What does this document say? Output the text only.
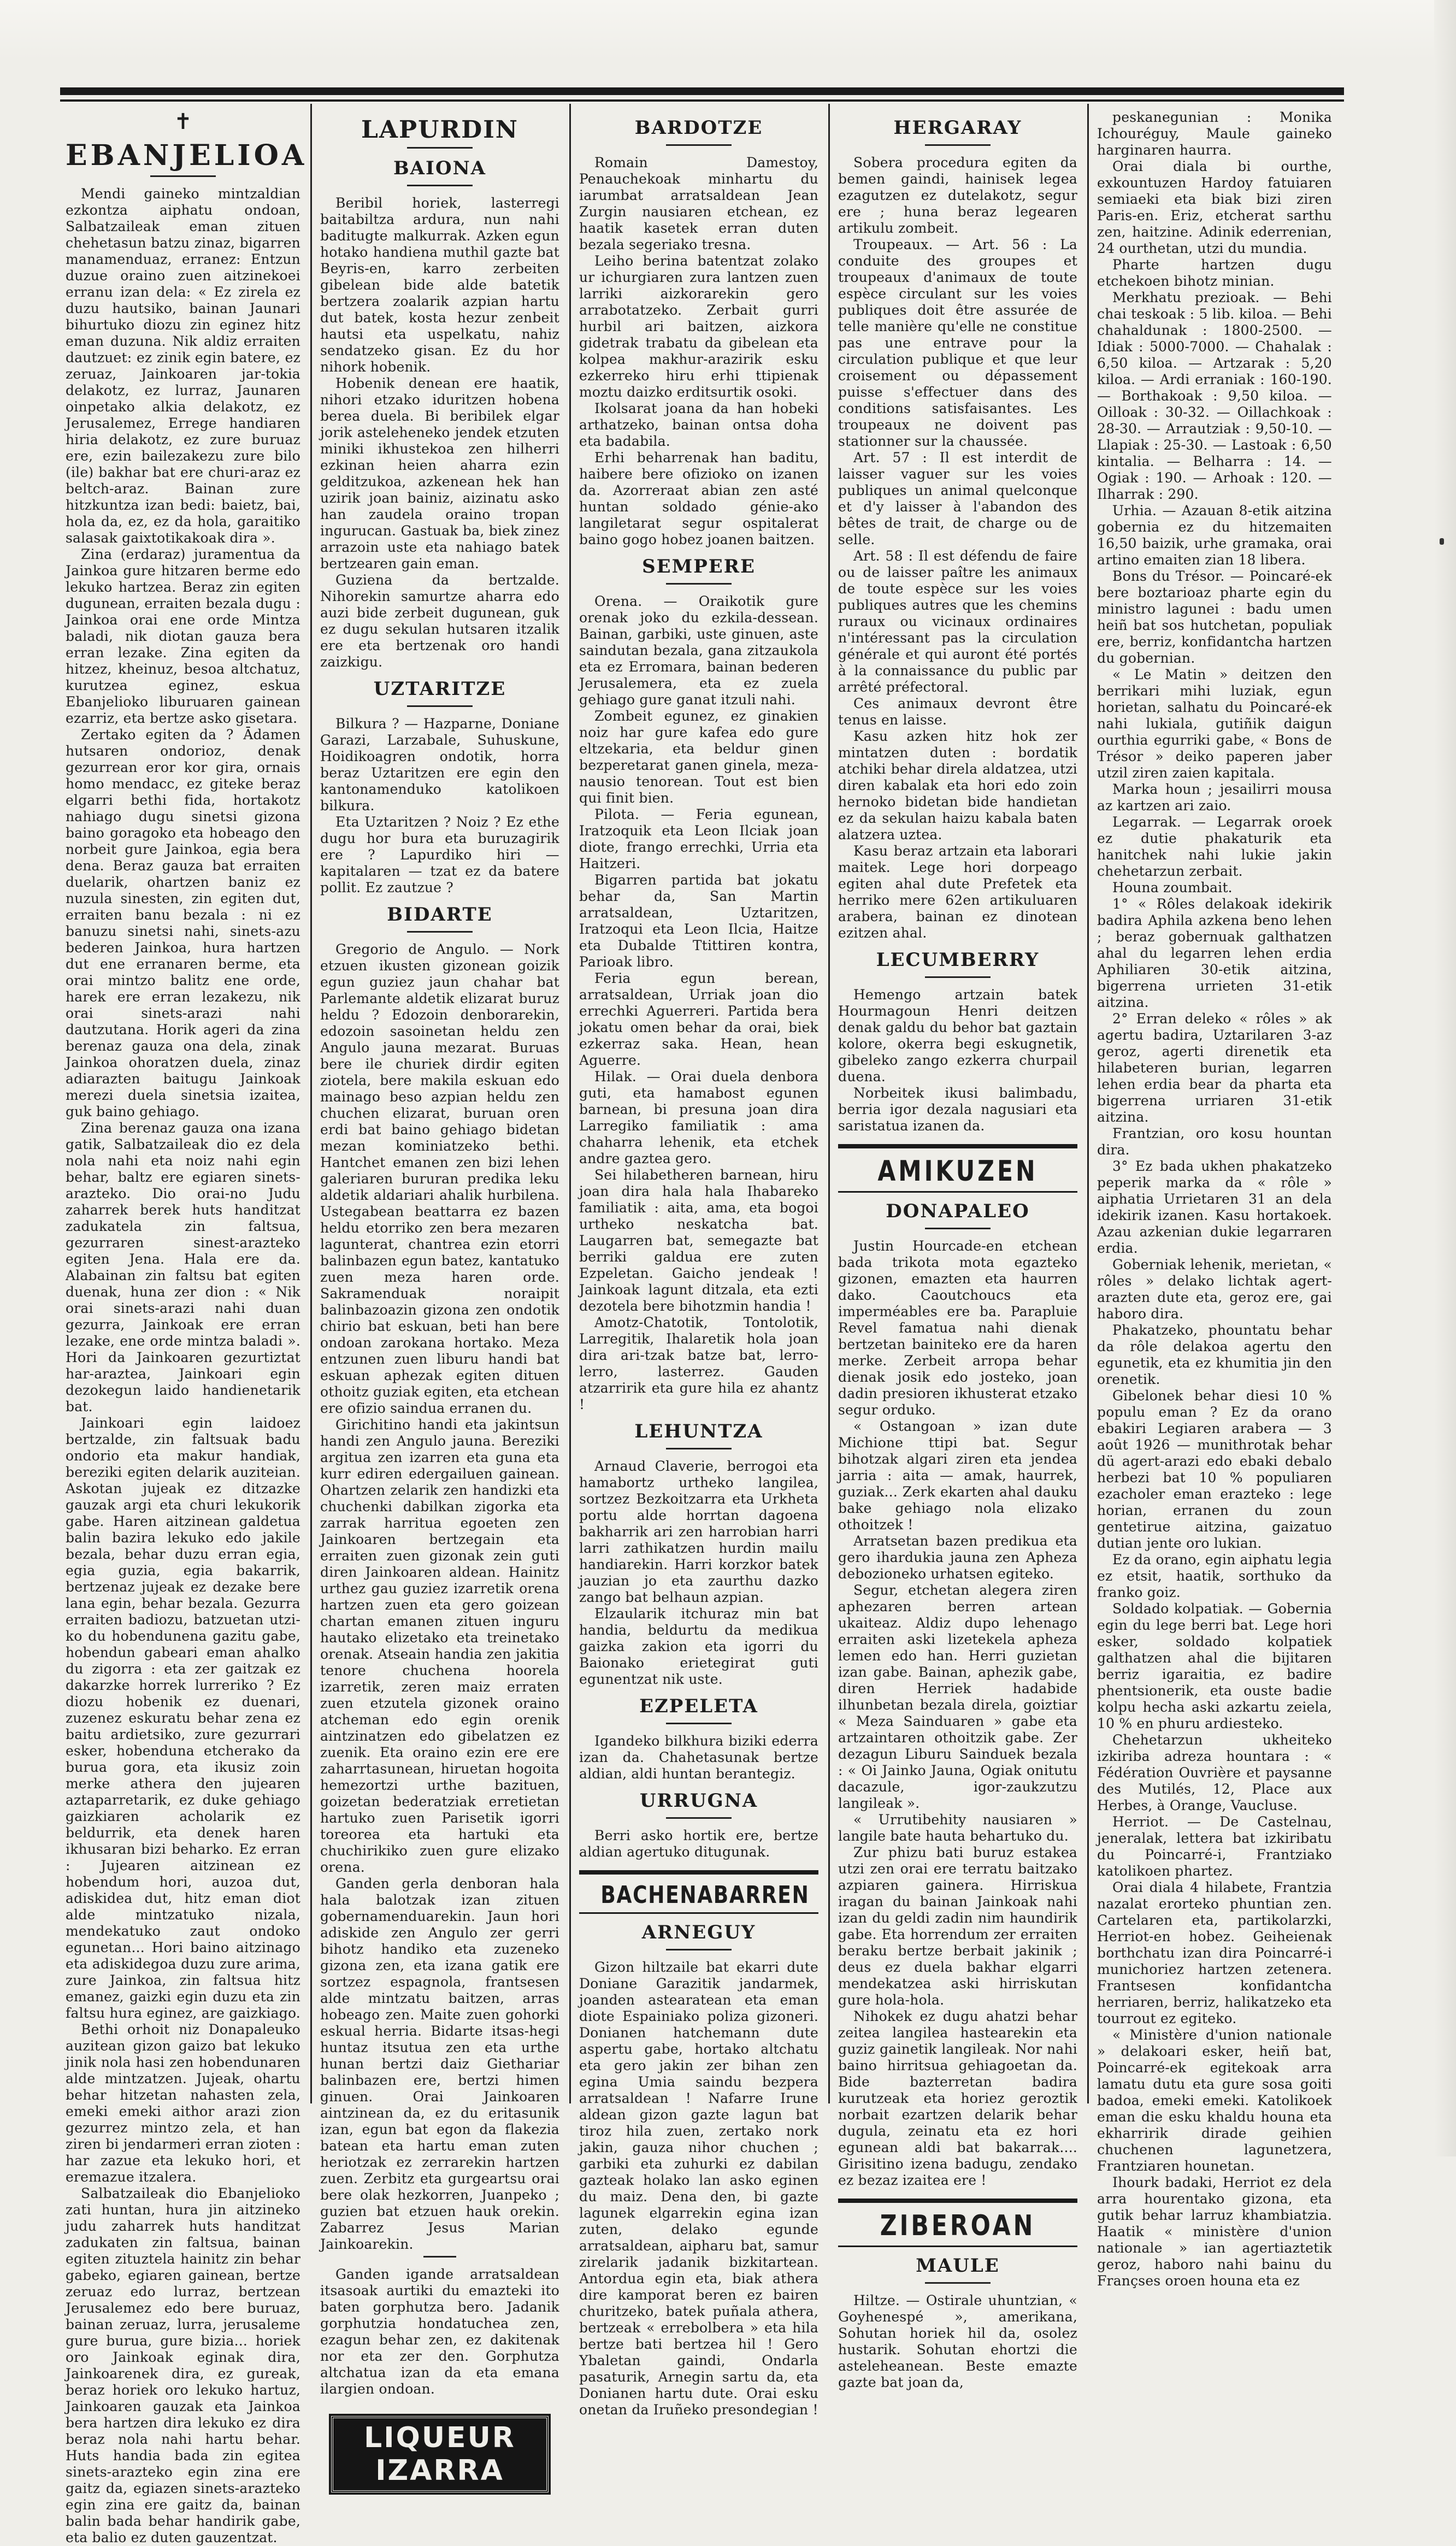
✝
EBANJELIOA

Mendi gaineko mintzaldian ezkontza aiphatu ondoan, Salbatzaileak eman zituen chehetasun batzu zinaz, bigarren manamenduaz, erranez: Entzun duzue oraino zuen aitzinekoei erranu izan dela: « Ez zirela ez duzu hautsiko, bainan Jaunari bihurtuko diozu zin eginez hitz eman duzuna. Nik aldiz erraiten dautzuet: ez zinik egin batere, ez zeruaz, Jainkoaren jar-tokia delakotz, ez lurraz, Jaunaren oinpetako alkia delakotz, ez Jerusalemez, Errege handiaren hiria delakotz, ez zure buruaz ere, ezin bailezakezu zure bilo (ile) bakhar bat ere churi-araz ez beltch-araz. Bainan zure hitzkuntza izan bedi: baietz, bai, hola da, ez, ez da hola, garaitiko salasak gaixtotikakoak dira ».

Zina (erdaraz) juramentua da Jainkoa gure hitzaren berme edo lekuko hartzea. Beraz zin egiten dugunean, erraiten bezala dugu : Jainkoa orai ene orde Mintza baladi, nik diotan gauza bera erran lezake. Zina egiten da hitzez, kheinuz, besoa altchatuz, kurutzea eginez, eskua Ebanjelioko liburuaren gainean ezarriz, eta bertze asko gisetara.

Zertako egiten da ? Ādamen hutsaren ondorioz, denak gezurrean eror kor gira, ornais homo mendacc, ez giteke beraz elgarri bethi fida, hortakotz nahiago dugu sinetsi gizona baino goragoko eta hobeago den norbeit gure Jainkoa, egia bera dena. Beraz gauza bat erraiten duelarik, ohartzen baniz ez nuzula sinesten, zin egiten dut, erraiten banu bezala : ni ez banuzu sinetsi nahi, sinets-azu bederen Jainkoa, hura hartzen dut ene erranaren berme, eta orai mintzo balitz ene orde, harek ere erran lezakezu, nik orai sinets-arazi nahi dautzutana. Horik ageri da zina berenaz gauza ona dela, zinak Jainkoa ohoratzen duela, zinaz adiarazten baitugu Jainkoak merezi duela sinetsia izaitea, guk baino gehiago.

Zina berenaz gauza ona izana gatik, Salbatzaileak dio ez dela nola nahi eta noiz nahi egin behar, baltz ere egiaren sinets-arazteko. Dio orai-no Judu zaharrek berek huts handitzat zadukatela zin faltsua, gezurraren sinest-arazteko egiten Jena. Hala ere da. Alabainan zin faltsu bat egiten duenak, huna zer dion : « Nik orai sinets-arazi nahi duan gezurra, Jainkoak ere erran lezake, ene orde mintza baladi ». Hori da Jainkoaren gezurtiztat har-araztea, Jainkoari egin dezokegun laido handienetarik bat.

Jainkoari egin laidoez bertzalde, zin faltsuak badu ondorio eta makur handiak, bereziki egiten delarik auziteian. Askotan jujeak ez ditzazke gauzak argi eta churi lekukorik gabe. Haren aitzinean galdetua balin bazira lekuko edo jakile bezala, behar duzu erran egia, egia guzia, egia bakarrik, bertzenaz jujeak ez dezake bere lana egin, behar bezala. Gezurra erraiten badiozu, batzuetan utzi-ko du hobendunena gazitu gabe, hobendun gabeari eman ahalko du zigorra : eta zer gaitzak ez dakarzke horrek lurreriko ? Ez diozu hobenik ez duenari, zuzenez eskuratu behar zena ez baitu ardietsiko, zure gezurrari esker, hobenduna etcherako da burua gora, eta ikusiz zoin merke athera den jujearen aztaparretarik, ez duke gehiago gaizkiaren acholarik ez beldurrik, eta denek haren ikhusaran bizi beharko. Ez erran : Jujearen aitzinean ez hobendum hori, auzoa dut, adiskidea dut, hitz eman diot alde mintzatuko nizala, mendekatuko zaut ondoko egunetan... Hori baino aitzinago eta adiskidegoa duzu zure arima, zure Jainkoa, zin faltsua hitz emanez, gaizki egin duzu eta zin faltsu hura eginez, are gaizkiago.

Bethi orhoit niz Donapaleuko auzitean gizon gaizo bat lekuko jinik nola hasi zen hobendunaren alde mintzatzen. Jujeak, ohartu behar hitzetan nahasten zela, emeki emeki aithor arazi zion gezurrez mintzo zela, et han ziren bi jendarmeri erran zioten : har zazue eta lekuko hori, et eremazue itzalera.

Salbatzaileak dio Ebanjelioko zati huntan, hura jin aitzineko judu zaharrek huts handitzat zadukaten zin faltsua, bainan egiten zituztela hainitz zin behar gabeko, egiaren gainean, bertze zeruaz edo lurraz, bertzean Jerusalemez edo bere buruaz, bainan zeruaz, lurra, jerusaleme gure burua, gure bizia... horiek oro Jainkoak eginak dira, Jainkoarenek dira, ez gureak, beraz horiek oro lekuko hartuz, Jainkoaren gauzak eta Jainkoa bera hartzen dira lekuko ez dira beraz nola nahi hartu behar. Huts handia bada zin egitea sinets-arazteko egin zina ere gaitz da, egiazen sinets-arazteko egin zina ere gaitz da, bainan balin bada behar handirik gabe, eta balio ez duten gauzentzat.

LAPURDIN
BAIONA

Beribil horiek, lasterregi baitabiltza ardura, nun nahi baditugte malkurrak. Azken egun hotako handiena muthil gazte bat Beyris-en, karro zerbeiten gibelean bide alde batetik bertzera zoalarik azpian hartu dut batek, kosta hezur zenbeit hautsi eta uspelkatu, nahiz sendatzeko gisan. Ez du hor nihork hobenik.

Hobenik denean ere haatik, nihori etzako iduritzen hobena berea duela. Bi beribilek elgar jorik asteleheneko jendek etzuten miniki ikhustekoa zen hilherri ezkinan heien aharra ezin gelditzukoa, azkenean hek han uzirik joan bainiz, aizinatu asko han zaudela oraino tropan ingurucan. Gastuak ba, biek zinez arrazoin uste eta nahiago batek bertzearen gain eman.

Guziena da bertzalde. Nihorekin samurtze aharra edo auzi bide zerbeit dugunean, guk ez dugu sekulan hutsaren itzalik ere eta bertzenak oro handi zaizkigu.

UZTARITZE

Bilkura ? — Hazparne, Doniane Garazi, Larzabale, Suhuskune, Hoidikoagren ondotik, horra beraz Uztaritzen ere egin den kantonamenduko katolikoen bilkura.

Eta Uztaritzen ? Noiz ? Ez ethe dugu hor bura eta buruzagirik ere ? Lapurdiko hiri — kapitalaren — tzat ez da batere pollit. Ez zautzue ?

BIDARTE

Gregorio de Angulo. — Nork etzuen ikusten gizonean goizik egun guziez jaun chahar bat Parlemante aldetik elizarat buruz heldu ? Edozoin denborarekin, edozoin sasoinetan heldu zen Angulo jauna mezarat. Buruas bere ile churiek dirdir egiten ziotela, bere makila eskuan edo mainago beso azpian heldu zen chuchen elizarat, buruan oren erdi bat baino gehiago bidetan mezan kominiatzeko bethi. Hantchet emanen zen bizi lehen galeriaren bururan predika leku aldetik aldariari ahalik hurbilena. Ustegabean beattarra ez bazen heldu etorriko zen bera mezaren lagunterat, chantrea ezin etorri balinbazen egun batez, kantatuko zuen meza haren orde. Sakramenduak noraipit balinbazoazin gizona zen ondotik chirio bat eskuan, beti han bere ondoan zarokana hortako. Meza entzunen zuen liburu handi bat eskuan aphezak egiten dituen othoitz guziak egiten, eta etchean ere ofizio saindua erranen du.

Girichitino handi eta jakintsun handi zen Angulo jauna. Bereziki argitua zen izarren eta guna eta kurr ediren edergailuen gainean. Ohartzen zelarik zen handizki eta chuchenki dabilkan zigorka eta zarrak harritua egoeten zen Jainkoaren bertzegain eta erraiten zuen gizonak zein guti diren Jainkoaren aldean. Hainitz urthez gau guziez izarretik orena hartzen zuen eta gero goizean chartan emanen zituen inguru hautako elizetako eta treinetako orenak. Atseain handia zen jakitia tenore chuchena hoorela izarretik, zeren maiz erraten zuen etzutela gizonek oraino atcheman edo egin orenik aintzinatzen edo gibelatzen ez zuenik. Eta oraino ezin ere ere zaharrtasunean, hiruetan hogoita hemezortzi urthe bazituen, goizetan bederatziak erretietan hartuko zuen Parisetik igorri toreorea eta hartuki eta chuchirikiko zuen gure elizako orena.

Ganden gerla denboran hala hala balotzak izan zituen gobernamenduarekin. Jaun hori adiskide zen Angulo zer gerri bihotz handiko eta zuzeneko gizona zen, eta izana gatik ere sortzez espagnola, frantsesen alde mintzatu baitzen, arras hobeago zen. Maite zuen gohorki eskual herria. Bidarte itsas-hegi huntaz itsutua zen eta urthe hunan bertzi daiz Giethariar balinbazen ere, bertzi himen ginuen. Orai Jainkoaren aintzinean da, ez du eritasunik izan, egun bat egon da flakezia batean eta hartu eman zuten heriotzak ez zerrarekin hartzen zuen. Zerbitz eta gurgeartsu orai bere olak hezkorren, Juanpeko ; guzien bat etzuen hauk orekin. Zabarrez Jesus Marian Jainkoarekin.

Ganden igande arratsaldean itsasoak aurtiki du emazteki ito baten gorphutza bero. Jadanik gorphutzia hondatuchea zen, ezagun behar zen, ez dakitenak nor eta zer den. Gorphutza altchatua izan da eta emana ilargien ondoan.

LIQUEUR IZARRA
BARDOTZE

Romain Damestoy, Penauchekoak minhartu du iarumbat arratsaldean Jean Zurgin nausiaren etchean, ez haatik kasetek erran duten bezala segeriako tresna.

Leiho berina batentzat zolako ur ichurgiaren zura lantzen zuen larriki aizkorarekin gero arrabotatzeko. Zerbait gurri hurbil ari baitzen, aizkora gidetrak trabatu da gibelean eta kolpea makhur-arazirik esku ezkerreko hiru erhi ttipienak moztu daizko erditsurtik osoki.

Ikolsarat joana da han hobeki arthatzeko, bainan ontsa doha eta badabila.

Erhi beharrenak han baditu, haibere bere ofizioko on izanen da. Azorreraat abian zen asté huntan soldado génie-ako langiletarat segur ospitalerat baino gogo hobez joanen baitzen.

SEMPERE

Orena. — Oraikotik gure orenak joko du ezkila-dessean. Bainan, garbiki, uste ginuen, aste saindutan bezala, gana zitzaukola eta ez Erromara, bainan bederen Jerusalemera, eta ez zuela gehiago gure ganat itzuli nahi.

Zombeit egunez, ez ginakien noiz har gure kafea edo gure eltzekaria, eta beldur ginen bezperetarat ganen ginela, meza-nausio tenorean. Tout est bien qui finit bien.

Pilota. — Feria egunean, Iratzoquik eta Leon Ilciak joan diote, frango errechki, Urria eta Haitzeri.

Bigarren partida bat jokatu behar da, San Martin arratsaldean, Uztaritzen, Iratzoqui eta Leon Ilcia, Haitze eta Dubalde Ttittiren kontra, Parioak libro.

Feria egun berean, arratsaldean, Urriak joan dio errechki Aguerreri. Partida bera jokatu omen behar da orai, biek ezkerraz saka. Hean, hean Aguerre.

Hilak. — Orai duela denbora guti, eta hamabost egunen barnean, bi presuna joan dira Larregiko familiatik : ama chaharra lehenik, eta etchek andre gaztea gero.

Sei hilabetheren barnean, hiru joan dira hala hala Ihabareko familiatik : aita, ama, eta bogoi urtheko neskatcha bat. Laugarren bat, semegazte bat berriki galdua ere zuten Ezpeletan. Gaicho jendeak ! Jainkoak lagunt ditzala, eta ezti dezotela bere bihotzmin handia !

Amotz-Chatotik, Tontolotik, Larregitik, Ihalaretik hola joan dira ari-tzak batze bat, lerro-lerro, lasterrez. Gauden atzarririk eta gure hila ez ahantz !

LEHUNTZA

Arnaud Claverie, berrogoi eta hamabortz urtheko langilea, sortzez Bezkoitzarra eta Urkheta portu alde horrtan dagoena bakharrik ari zen harrobian harri larri zathikatzen hurdin mailu handiarekin. Harri korzkor batek jauzian jo eta zaurthu dazko zango bat belhaun azpian.

Elzaularik itchuraz min bat handia, beldurtu da medikua gaizka zakion eta igorri du Baionako erietegirat guti egunentzat nik uste.

EZPELETA

Igandeko bilkhura biziki ederra izan da. Chahetasunak bertze aldian, aldi huntan berantegiz.

URRUGNA

Berri asko hortik ere, bertze aldian agertuko ditugunak.

BACHENABARREN
ARNEGUY

Gizon hiltzaile bat ekarri dute Doniane Garazitik jandarmek, joanden astearatean eta eman diote Espainiako poliza gizoneri. Donianen hatchemann dute aspertu gabe, hortako altchatu eta gero jakin zer bihan zen egina Umia saindu bezpera arratsaldean ! Nafarre Irune aldean gizon gazte lagun bat tiroz hila zuen, zertako nork jakin, gauza nihor chuchen ; garbiki eta zuhurki ez dabilan gazteak holako lan asko eginen du maiz. Dena den, bi gazte lagunek elgarrekin egina izan zuten, delako egunde arratsaldean, aipharu bat, samur zirelarik jadanik bizkitartean. Antordua egin eta, biak athera dire kamporat beren ez bairen churitzeko, batek puñala athera, bertzeak « errebolbera » eta hila bertze bati bertzea hil ! Gero Ybaletan gaindi, Ondarla pasaturik, Arnegin sartu da, eta Donianen hartu dute. Orai esku onetan da Iruñeko presondegian !

HERGARAY

Sobera procedura egiten da bemen gaindi, hainisek legea ezagutzen ez dutelakotz, segur ere ; huna beraz legearen artikulu zombeit.

Troupeaux. — Art. 56 : La conduite des groupes et troupeaux d'animaux de toute espèce circulant sur les voies publiques doit être assurée de telle manière qu'elle ne constitue pas une entrave pour la circulation publique et que leur croisement ou dépassement puisse s'effectuer dans des conditions satisfaisantes. Les troupeaux ne doivent pas stationner sur la chaussée.

Art. 57 : Il est interdit de laisser vaguer sur les voies publiques un animal quelconque et d'y laisser à l'abandon des bêtes de trait, de charge ou de selle.

Art. 58 : Il est défendu de faire ou de laisser paître les animaux de toute espèce sur les voies publiques autres que les chemins ruraux ou vicinaux ordinaires n'intéressant pas la circulation générale et qui auront été portés à la connaissance du public par arrêté préfectoral.

Ces animaux devront être tenus en laisse.

Kasu azken hitz hok zer mintatzen duten : bordatik atchiki behar direla aldatzea, utzi diren kabalak eta hori edo zoin hernoko bidetan bide handietan ez da sekulan haizu kabala baten alatzera uztea.

Kasu beraz artzain eta laborari maitek. Lege hori dorpeago egiten ahal dute Prefetek eta herriko mere 62en artikuluaren arabera, bainan ez dinotean ezitzen ahal.

LECUMBERRY

Hemengo artzain batek Hourmagoun Henri deitzen denak galdu du behor bat gaztain kolore, okerra begi eskugnetik, gibeleko zango ezkerra churpail duena.

Norbeitek ikusi balimbadu, berria igor dezala nagusiari eta saristatua izanen da.

AMIKUZEN
DONAPALEO

Justin Hourcade-en etchean bada trikota mota egazteko gizonen, emazten eta haurren dako. Caoutchoucs eta imperméables ere ba. Parapluie Revel famatua nahi dienak bertzetan bainiteko ere da haren merke. Zerbeit arropa behar dienak josik edo josteko, joan dadin presioren ikhusterat etzako segur orduko.

« Ostangoan » izan dute Michione ttipi bat. Segur bihotzak algari ziren eta jendea jarria : aita — amak, haurrek, guziak... Zerk ekarten ahal dauku bake gehiago nola elizako othoitzek !

Arratsetan bazen predikua eta gero ihardukia jauna zen Apheza debozioneko urhatsen egiteko.

Segur, etchetan alegera ziren aphezaren berren artean ukaiteaz. Aldiz dupo lehenago erraiten aski lizetekela apheza lemen edo han. Herri guzietan izan gabe. Bainan, aphezik gabe, diren Herriek hadabide ilhunbetan bezala direla, goiztiar « Meza Sainduaren » gabe eta artzaintaren othoitzik gabe. Zer dezagun Liburu Sainduek bezala : « Oi Jainko Jauna, Ogiak onitutu dacazule, igor-zaukzutzu langileak ».

« Urrutibehity nausiaren » langile bate hauta behartuko du.

Zur phizu bati buruz estakea utzi zen orai ere terratu baitzako azpiaren gainera. Hirriskua iragan du bainan Jainkoak nahi izan du geldi zadin nim haundirik gabe. Eta horrendum zer erraiten beraku bertze berbait jakinik ; deus ez duela bakhar elgarri mendekatzea aski hirriskutan gure hola-hola.

Nihokek ez dugu ahatzi behar zeitea langilea hastearekin eta guziz gainetik langileak. Nor nahi baino hirritsua gehiagoetan da. Bide bazterretan badira kurutzeak eta horiez geroztik norbait ezartzen delarik behar dugula, zeinatu eta ez hori egunean aldi bat bakarrak.... Girisitino izena badugu, zendako ez bezaz izaitea ere !

ZIBEROAN
MAULE

Hiltze. — Ostirale uhuntzian, « Goyhenespé », amerikana, Sohutan horiek hil da, osolez hustarik. Sohutan ehortzi die asteleheanean. Beste emazte gazte bat joan da,

peskanegunian : Monika Ichouréguy, Maule gaineko harginaren haurra.

Orai diala bi ourthe, exkountuzen Hardoy fatuiaren semiaeki eta biak bizi ziren Paris-en. Eriz, etcherat sarthu zen, haitzine. Adinik ederrenian, 24 ourthetan, utzi du mundia.

Pharte hartzen dugu etchekoen bihotz minian.

Merkhatu prezioak. — Behi chai teskoak : 5 lib. kiloa. — Behi chahaldunak : 1800-2500. — Idiak : 5000-7000. — Chahalak : 6,50 kiloa. — Artzarak : 5,20 kiloa. — Ardi erraniak : 160-190. — Borthakoak : 9,50 kiloa. — Oilloak : 30-32. — Oillachkoak : 28-30. — Arrautziak : 9,50-10. — Llapiak : 25-30. — Lastoak : 6,50 kintalia. — Belharra : 14. — Ogiak : 190. — Arhoak : 120. — Ilharrak : 290.

Urhia. — Azauan 8-etik aitzina gobernia ez du hitzemaiten 16,50 baizik, urhe gramaka, orai artino emaiten zian 18 libera.

Bons du Trésor. — Poincaré-ek bere boztarioaz pharte egin du ministro lagunei : badu umen heiñ bat sos hutchetan, populiak ere, berriz, konfidantcha hartzen du gobernian.

« Le Matin » deitzen den berrikari mihi luziak, egun horietan, salhatu du Poincaré-ek nahi lukiala, gutiñik daigun ourthia egurriki gabe, « Bons de Trésor » deiko paperen jaber utzil ziren zaien kapitala.

Marka houn ; jesailirri mousa az kartzen ari zaio.

Legarrak. — Legarrak oroek ez dutie phakaturik eta hanitchek nahi lukie jakin chehetarzun zerbait.

Houna zoumbait.

1° « Rôles delakoak idekirik badira Aphila azkena beno lehen ; beraz gobernuak galthatzen ahal du legarren lehen erdia Aphiliaren 30-etik aitzina, bigerrena urrieten 31-etik aitzina.

2° Erran deleko « rôles » ak agertu badira, Uztarilaren 3-az geroz, agerti direnetik eta hilabeteren burian, legarren lehen erdia bear da pharta eta bigerrena urriaren 31-etik aitzina.

Frantzian, oro kosu hountan dira.

3° Ez bada ukhen phakatzeko peperik marka da « rôle » aiphatia Urrietaren 31 an dela idekirik izanen. Kasu hortakoek. Azau azkenian dukie legarraren erdia.

Goberniak lehenik, merietan, « rôles » delako lichtak agert-arazten dute eta, geroz ere, gai haboro dira.

Phakatzeko, phountatu behar da rôle delakoa agertu den egunetik, eta ez khumitia jin den orenetik.

Gibelonek behar diesi 10 % populu eman ? Ez da orano ebakiri Legiaren arabera — 3 août 1926 — munithrotak behar dü agert-arazi edo ebaki debalo herbezi bat 10 % populiaren ezacholer eman erazteko : lege horian, erranen du zoun gentetirue aitzina, gaizatuo dutian jente oro lukian.

Ez da orano, egin aiphatu legia ez etsit, haatik, sorthuko da franko goiz.

Soldado kolpatiak. — Gobernia egin du lege berri bat. Lege hori esker, soldado kolpatiek galthatzen ahal die bijitaren berriz igaraitia, ez badire phentsionerik, eta ouste badie kolpu hecha aski azkartu zeiela, 10 % en phuru ardiesteko.

Chehetarzun ukheiteko izkiriba adreza hountara : « Fédération Ouvrière et paysanne des Mutilés, 12, Place aux Herbes, à Orange, Vaucluse.

Herriot. — De Castelnau, jeneralak, lettera bat izkiribatu du Poincarré-i, Frantziako katolikoen phartez.

Orai diala 4 hilabete, Frantzia nazalat erorteko phuntian zen. Cartelaren eta, partikolarzki, Herriot-en hobez. Geiheienak borthchatu izan dira Poincarré-i munichoriez hartzen zetenera. Frantsesen konfidantcha herriaren, berriz, halikatzeko eta tourrout ez egiteko.

« Ministère d'union nationale » delakoari esker, heiñ bat, Poincarré-ek egitekoak arra lamatu dutu eta gure sosa goiti badoa, emeki emeki. Katolikoek eman die esku khaldu houna eta ekharririk dirade geihien chuchenen lagunetzera, Frantziaren hounetan.

Ihourk badaki, Herriot ez dela arra hourentako gizona, eta gutik behar larruz khambiatzia. Haatik « ministère d'union nationale » ian agertiaztetik geroz, haboro nahi bainu du Françses oroen houna eta ez
